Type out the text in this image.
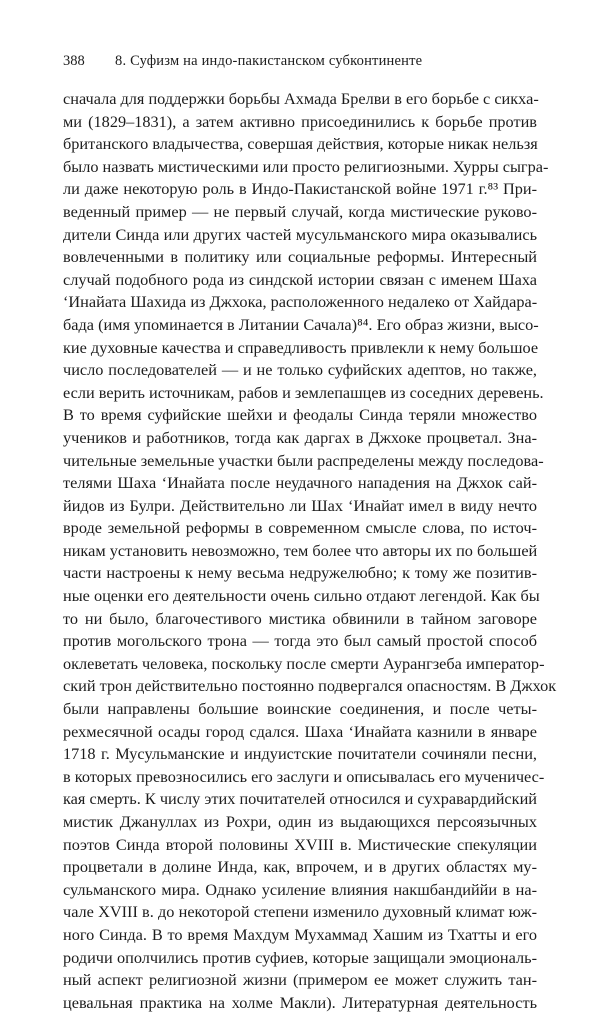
388 8. Суфизм на индо-пакистанском субконтиненте
сначала для поддержки борьбы Ахмада Брелви в его борьбе с сикха-
ми (1829–1831), а затем активно присоединились к борьбе против
британского владычества, совершая действия, которые никак нельзя
было назвать мистическими или просто религиозными. Хурры сыгра-
ли даже некоторую роль в Индо-Пакистанской войне 1971 г.⁸³ При-
веденный пример — не первый случай, когда мистические руково-
дители Синда или других частей мусульманского мира оказывались
вовлеченными в политику или социальные реформы. Интересный
случай подобного рода из синдской истории связан с именем Шаха
‘Инайата Шахида из Джхока, расположенного недалеко от Хайдара-
бада (имя упоминается в Литании Сачала)⁸⁴. Его образ жизни, высо-
кие духовные качества и справедливость привлекли к нему большое
число последователей — и не только суфийских адептов, но также,
если верить источникам, рабов и землепашцев из соседних деревень.
В то время суфийские шейхи и феодалы Синда теряли множество
учеников и работников, тогда как даргах в Джхоке процветал. Зна-
чительные земельные участки были распределены между последова-
телями Шаха ‘Инайата после неудачного нападения на Джхок сай-
йидов из Булри. Действительно ли Шах ‘Инайат имел в виду нечто
вроде земельной реформы в современном смысле слова, по источ-
никам установить невозможно, тем более что авторы их по большей
части настроены к нему весьма недружелюбно; к тому же позитив-
ные оценки его деятельности очень сильно отдают легендой. Как бы
то ни было, благочестивого мистика обвинили в тайном заговоре
против могольского трона — тогда это был самый простой способ
оклеветать человека, поскольку после смерти Аурангзеба император-
ский трон действительно постоянно подвергался опасностям. В Джхок
были направлены большие воинские соединения, и после четы-
рехмесячной осады город сдался. Шаха ‘Инайата казнили в январе
1718 г. Мусульманские и индуистские почитатели сочиняли песни,
в которых превозносились его заслуги и описывалась его мученичес-
кая смерть. К числу этих почитателей относился и сухравардийский
мистик Джануллах из Рохри, один из выдающихся персоязычных
поэтов Синда второй половины XVIII в. Мистические спекуляции
процветали в долине Инда, как, впрочем, и в других областях му-
сульманского мира. Однако усиление влияния накшбандиййи в на-
чале XVIII в. до некоторой степени изменило духовный климат юж-
ного Синда. В то время Махдум Мухаммад Хашим из Тхатты и его
родичи ополчились против суфиев, которые защищали эмоциональ-
ный аспект религиозной жизни (примером ее может служить тан-
цевальная практика на холме Макли). Литературная деятельность
